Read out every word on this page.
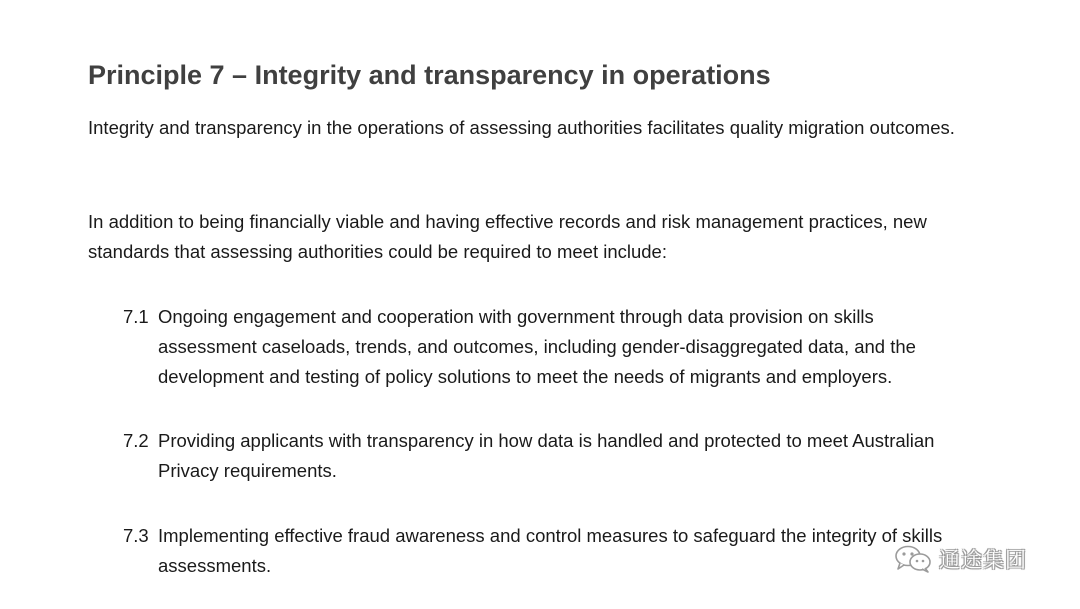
Principle 7 – Integrity and transparency in operations
Integrity and transparency in the operations of assessing authorities facilitates quality migration outcomes.
In addition to being financially viable and having effective records and risk management practices, new standards that assessing authorities could be required to meet include:
7.1 Ongoing engagement and cooperation with government through data provision on skills assessment caseloads, trends, and outcomes, including gender-disaggregated data, and the development and testing of policy solutions to meet the needs of migrants and employers.
7.2 Providing applicants with transparency in how data is handled and protected to meet Australian Privacy requirements.
7.3 Implementing effective fraud awareness and control measures to safeguard the integrity of skills assessments.	通途集团
